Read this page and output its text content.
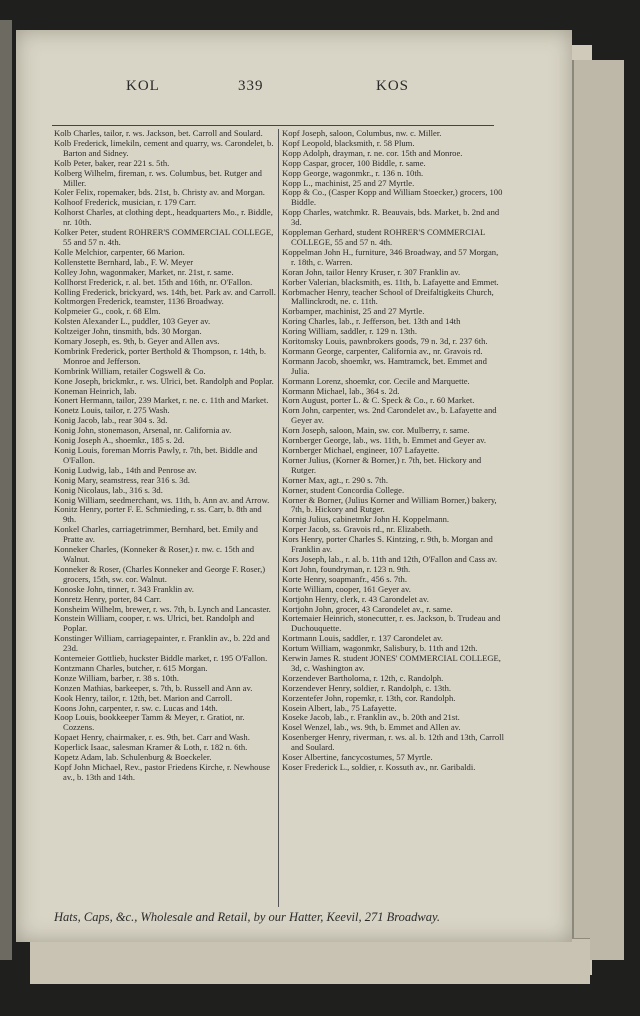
KOL	339	KOS

Kolb Charles, tailor, r. ws. Jackson, bet. Carroll and Soulard.

Kolb Frederick, limekiln, cement and quarry, ws. Carondelet, b. Barton and Sidney.

Kolb Peter, baker, rear 221 s. 5th.

Kolberg Wilhelm, fireman, r. ws. Columbus, bet. Rutger and Miller.

Koler Felix, ropemaker, bds. 21st, b. Christy av. and Morgan.

Kolhoof Frederick, musician, r. 179 Carr.

Kolhorst Charles, at clothing dept., headquarters Mo., r. Biddle, nr. 10th.

Kolker Peter, student ROHRER'S COMMERCIAL COLLEGE, 55 and 57 n. 4th.

Kolle Melchior, carpenter, 66 Marion.

Kollenstette Bernhard, lab., F. W. Meyer

Kolley John, wagonmaker, Market, nr. 21st, r. same.

Kollhorst Frederick, r. al. bet. 15th and 16th, nr. O'Fallon.

Kolling Frederick, brickyard, ws. 14th, bet. Park av. and Carroll.

Koltmorgen Frederick, teamster, 1136 Broadway.

Kolpmeier G., cook, r. 68 Elm.

Kolsten Alexander L., puddler, 103 Geyer av.

Koltzeiger John, tinsmith, bds. 30 Morgan.

Komary Joseph, es. 9th, b. Geyer and Allen avs.

Kombrink Frederick, porter Berthold & Thompson, r. 14th, b. Monroe and Jefferson.

Kombrink William, retailer Cogswell & Co.

Kone Joseph, brickmkr., r. ws. Ulrici, bet. Randolph and Poplar.

Koneman Heinrich, lab.

Konert Hermann, tailor, 239 Market, r. ne. c. 11th and Market.

Konetz Louis, tailor, r. 275 Wash.

Konig Jacob, lab., rear 304 s. 3d.

Konig John, stonemason, Arsenal, nr. California av.

Konig Joseph A., shoemkr., 185 s. 2d.

Konig Louis, foreman Morris Pawly, r. 7th, bet. Biddle and O'Fallon.

Konig Ludwig, lab., 14th and Penrose av.

Konig Mary, seamstress, rear 316 s. 3d.

Konig Nicolaus, lab., 316 s. 3d.

Konig William, seedmerchant, ws. 11th, b. Ann av. and Arrow.

Konitz Henry, porter F. E. Schmieding, r. ss. Carr, b. 8th and 9th.

Konkel Charles, carriagetrimmer, Bernhard, bet. Emily and Pratte av.

Konneker Charles, (Konneker & Roser,) r. nw. c. 15th and Walnut.

Konneker & Roser, (Charles Konneker and George F. Roser,) grocers, 15th, sw. cor. Walnut.

Konoske John, tinner, r. 343 Franklin av.

Konretz Henry, porter, 84 Carr.

Konsheim Wilhelm, brewer, r. ws. 7th, b. Lynch and Lancaster.

Konstein William, cooper, r. ws. Ulrici, bet. Randolph and Poplar.

Konstinger William, carriagepainter, r. Franklin av., b. 22d and 23d.

Kontemeier Gottlieb, huckster Biddle market, r. 195 O'Fallon.

Kontzmann Charles, butcher, r. 615 Morgan.

Konze William, barber, r. 38 s. 10th.

Konzen Mathias, barkeeper, s. 7th, b. Russell and Ann av.

Kook Henry, tailor, r. 12th, bet. Marion and Carroll.

Koons John, carpenter, r. sw. c. Lucas and 14th.

Koop Louis, bookkeeper Tamm & Meyer, r. Gratiot, nr. Cozzens.

Kopaet Henry, chairmaker, r. es. 9th, bet. Carr and Wash.

Koperlick Isaac, salesman Kramer & Loth, r. 182 n. 6th.

Kopetz Adam, lab. Schulenburg & Boeckeler.

Kopf John Michael, Rev., pastor Friedens Kirche, r. Newhouse av., b. 13th and 14th.

Kopf Joseph, saloon, Columbus, nw. c. Miller.

Kopf Leopold, blacksmith, r. 58 Plum.

Kopp Adolph, drayman, r. ne. cor. 15th and Monroe.

Kopp Caspar, grocer, 100 Biddle, r. same.

Kopp George, wagonmkr., r. 136 n. 10th.

Kopp L., machinist, 25 and 27 Myrtle.

Kopp & Co., (Casper Kopp and William Stoecker,) grocers, 100 Biddle.

Kopp Charles, watchmkr. R. Beauvais, bds. Market, b. 2nd and 3d.

Koppleman Gerhard, student ROHRER'S COMMERCIAL COLLEGE, 55 and 57 n. 4th.

Koppelman John H., furniture, 346 Broadway, and 57 Morgan, r. 18th, c. Warren.

Koran John, tailor Henry Kruser, r. 307 Franklin av.

Korber Valerian, blacksmith, es. 11th, b. Lafayette and Emmet.

Korbmacher Henry, teacher School of Dreifaltigkeits Church, Mallinckrodt, ne. c. 11th.

Korbamper, machinist, 25 and 27 Myrtle.

Koring Charles, lab., r. Jefferson, bet. 13th and 14th

Koring William, saddler, r. 129 n. 13th.

Koritomsky Louis, pawnbrokers goods, 79 n. 3d, r. 237 6th.

Kormann George, carpenter, California av., nr. Gravois rd.

Kormann Jacob, shoemkr, ws. Hamtramck, bet. Emmet and Julia.

Kormann Lorenz, shoemkr, cor. Cecile and Marquette.

Kormann Michael, lab., 364 s. 2d.

Korn August, porter L. & C. Speck & Co., r. 60 Market.

Korn John, carpenter, ws. 2nd Carondelet av., b. Lafayette and Geyer av.

Korn Joseph, saloon, Main, sw. cor. Mulberry, r. same.

Kornberger George, lab., ws. 11th, b. Emmet and Geyer av.

Kornberger Michael, engineer, 107 Lafayette.

Korner Julius, (Korner & Borner,) r. 7th, bet. Hickory and Rutger.

Korner Max, agt., r. 290 s. 7th.

Korner, student Concordia College.

Korner & Borner, (Julius Korner and William Borner,) bakery, 7th, b. Hickory and Rutger.

Kornig Julius, cabinetmkr John H. Koppelmann.

Korper Jacob, ss. Gravois rd., nr. Elizabeth.

Kors Henry, porter Charles S. Kintzing, r. 9th, b. Morgan and Franklin av.

Kors Joseph, lab., r. al. b. 11th and 12th, O'Fallon and Cass av.

Kort John, foundryman, r. 123 n. 9th.

Korte Henry, soapmanfr., 456 s. 7th.

Korte William, cooper, 161 Geyer av.

Kortjohn Henry, clerk, r. 43 Carondelet av.

Kortjohn John, grocer, 43 Carondelet av., r. same.

Kortemaier Heinrich, stonecutter, r. es. Jackson, b. Trudeau and Duchouquette.

Kortmann Louis, saddler, r. 137 Carondelet av.

Kortum William, wagonmkr, Salisbury, b. 11th and 12th.

Kerwin James R. student JONES' COMMERCIAL COLLEGE, 3d, c. Washington av.

Korzendever Bartholoma, r. 12th, c. Randolph.

Korzendever Henry, soldier, r. Randolph, c. 13th.

Korzentefer John, ropemkr, r. 13th, cor. Randolph.

Kosein Albert, lab., 75 Lafayette.

Koseke Jacob, lab., r. Franklin av., b. 20th and 21st.

Kosel Wenzel, lab., ws. 9th, b. Emmet and Allen av.

Kosenberger Henry, riverman, r. ws. al. b. 12th and 13th, Carroll and Soulard.

Koser Albertine, fancycostumes, 57 Myrtle.

Koser Frederick L., soldier, r. Kossuth av., nr. Garibaldi.

Hats, Caps, &c., Wholesale and Retail, by our Hatter, Keevil, 271 Broadway.
